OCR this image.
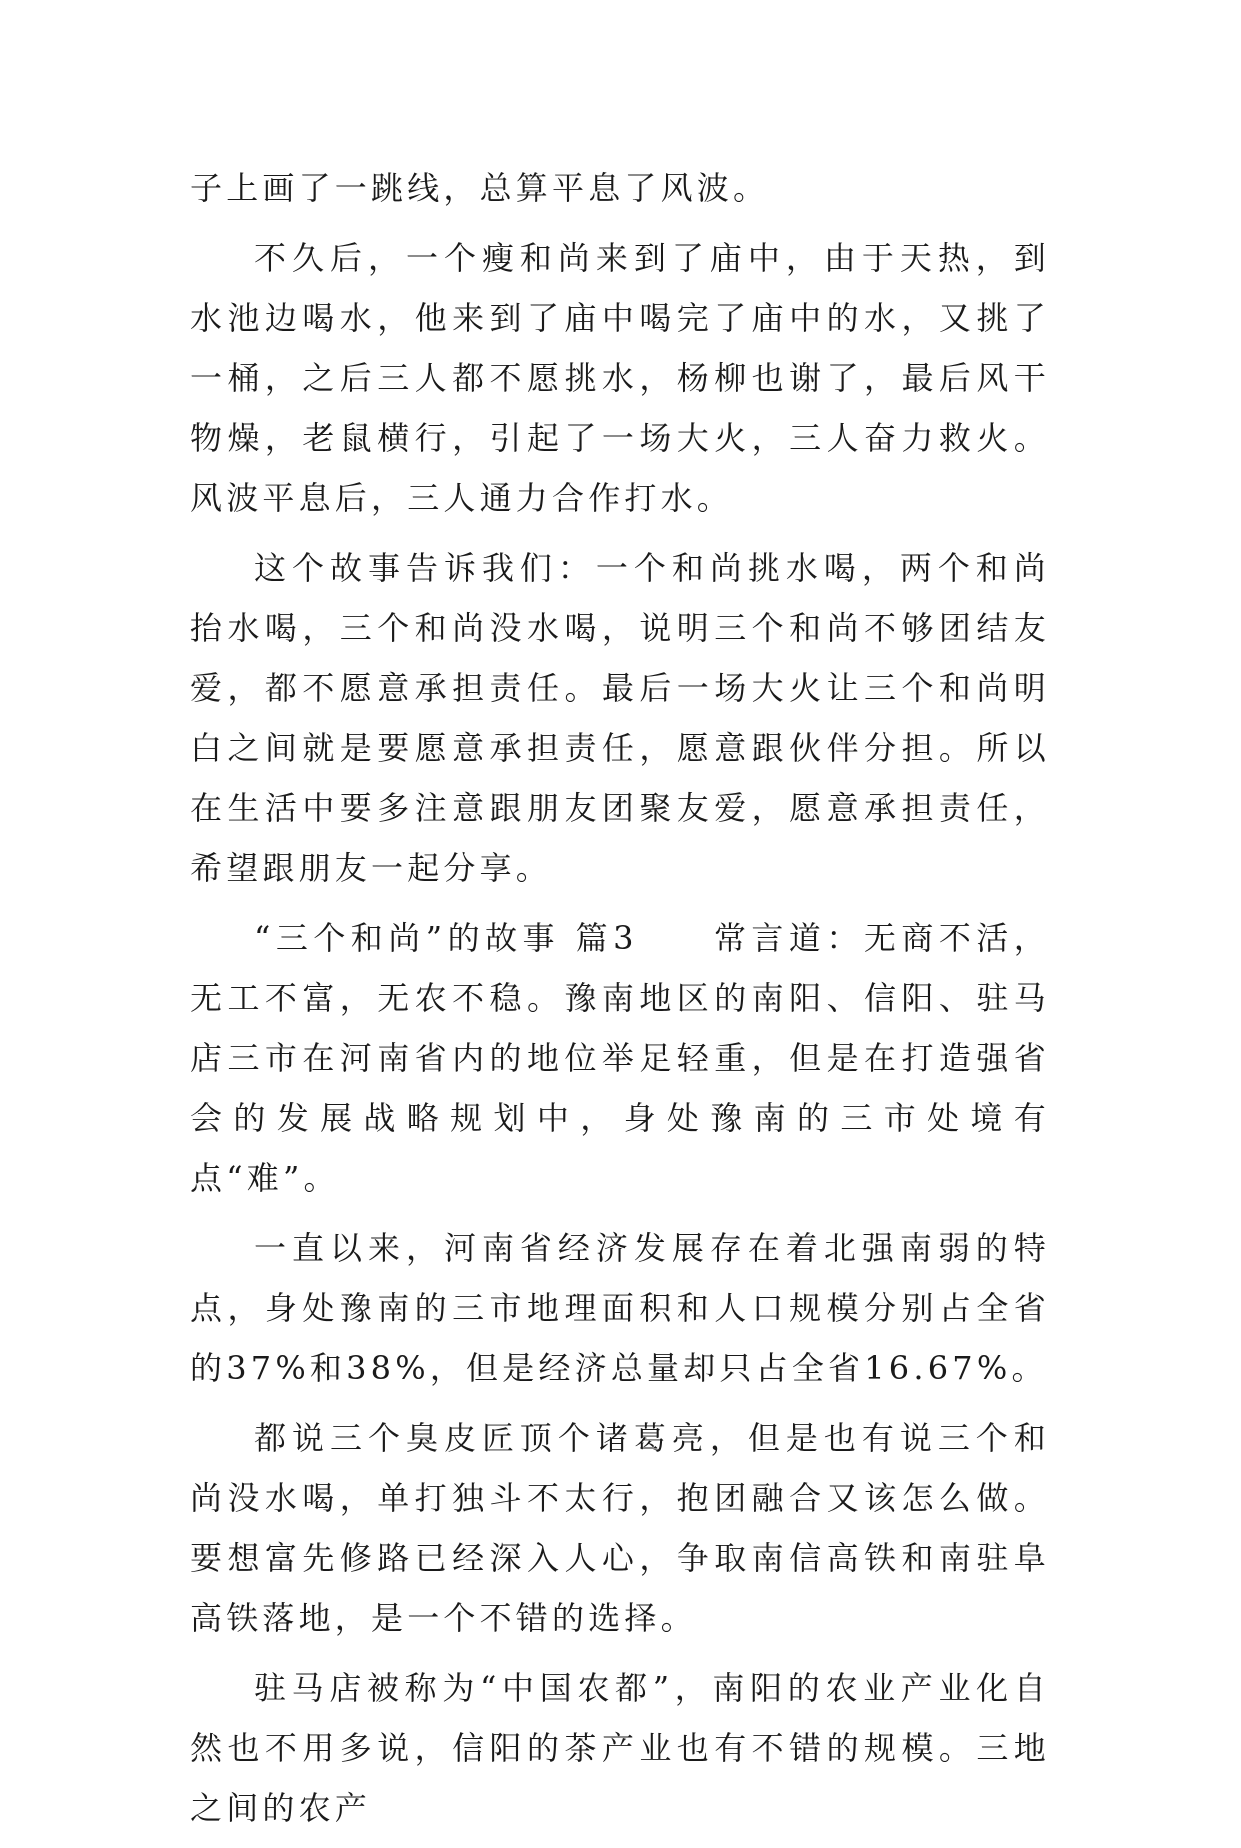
子上画了一跳线，总算平息了风波。

不久后，一个瘦和尚来到了庙中，由于天热，到水池边喝水，他来到了庙中喝完了庙中的水，又挑了一桶，之后三人都不愿挑水，杨柳也谢了，最后风干物燥，老鼠横行，引起了一场大火，三人奋力救火。风波平息后，三人通力合作打水。

这个故事告诉我们：一个和尚挑水喝，两个和尚抬水喝，三个和尚没水喝，说明三个和尚不够团结友爱，都不愿意承担责任。最后一场大火让三个和尚明白之间就是要愿意承担责任，愿意跟伙伴分担。所以在生活中要多注意跟朋友团聚友爱，愿意承担责任，希望跟朋友一起分享。

“三个和尚”的故事 篇3　　常言道：无商不活，无工不富，无农不稳。豫南地区的南阳、信阳、驻马店三市在河南省内的地位举足轻重，但是在打造强省会的发展战略规划中，身处豫南的三市处境有点“难”。

一直以来，河南省经济发展存在着北强南弱的特点，身处豫南的三市地理面积和人口规模分别占全省的37%和38%，但是经济总量却只占全省16.67%。

都说三个臭皮匠顶个诸葛亮，但是也有说三个和尚没水喝，单打独斗不太行，抱团融合又该怎么做。要想富先修路已经深入人心，争取南信高铁和南驻阜高铁落地，是一个不错的选择。

驻马店被称为“中国农都”，南阳的农业产业化自然也不用多说，信阳的茶产业也有不错的规模。三地之间的农产
